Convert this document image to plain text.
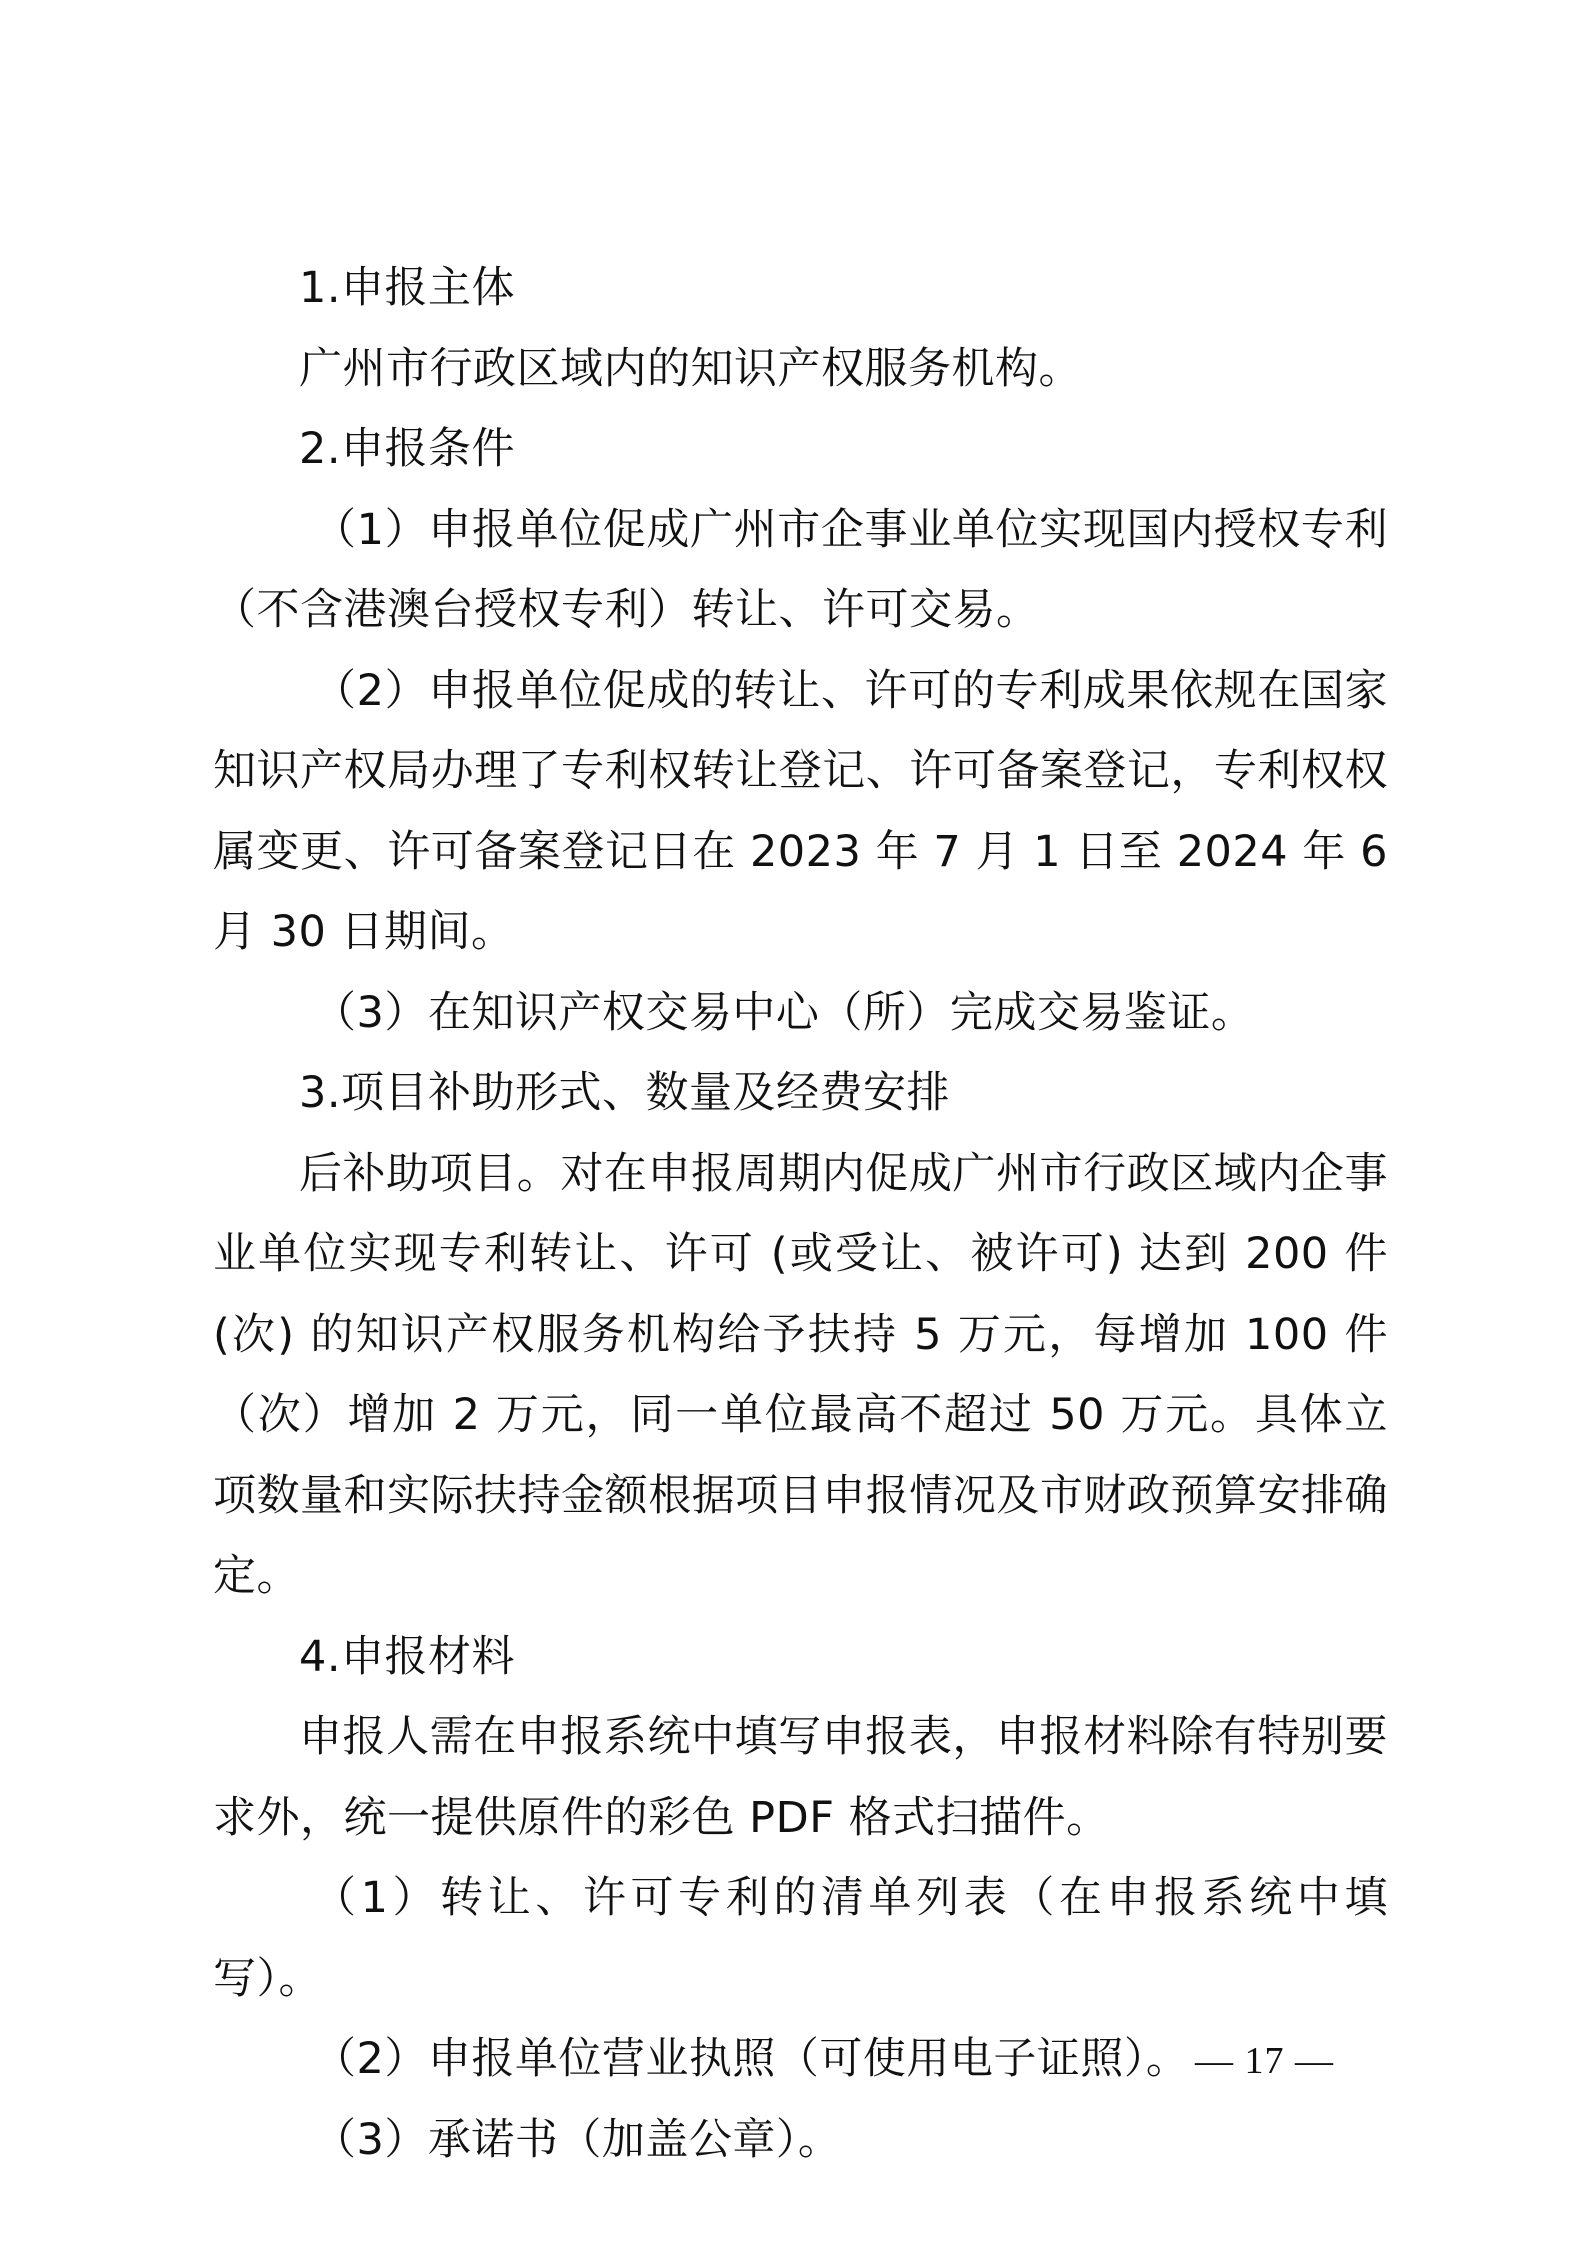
1.申报主体

广州市行政区域内的知识产权服务机构。

2.申报条件

（1）申报单位促成广州市企事业单位实现国内授权专利（不含港澳台授权专利）转让、许可交易。

（2）申报单位促成的转让、许可的专利成果依规在国家知识产权局办理了专利权转让登记、许可备案登记，专利权权属变更、许可备案登记日在 2023 年 7 月 1 日至 2024 年 6 月 30 日期间。

（3）在知识产权交易中心（所）完成交易鉴证。

3.项目补助形式、数量及经费安排

后补助项目。对在申报周期内促成广州市行政区域内企事业单位实现专利转让、许可 (或受让、被许可) 达到 200 件 (次) 的知识产权服务机构给予扶持 5 万元，每增加 100 件（次）增加 2 万元，同一单位最高不超过 50 万元。具体立项数量和实际扶持金额根据项目申报情况及市财政预算安排确定。

4.申报材料

申报人需在申报系统中填写申报表，申报材料除有特别要求外，统一提供原件的彩色 PDF 格式扫描件。

（1）转让、许可专利的清单列表（在申报系统中填写）。

（2）申报单位营业执照（可使用电子证照）。

（3）承诺书（加盖公章）。

— 17 —
